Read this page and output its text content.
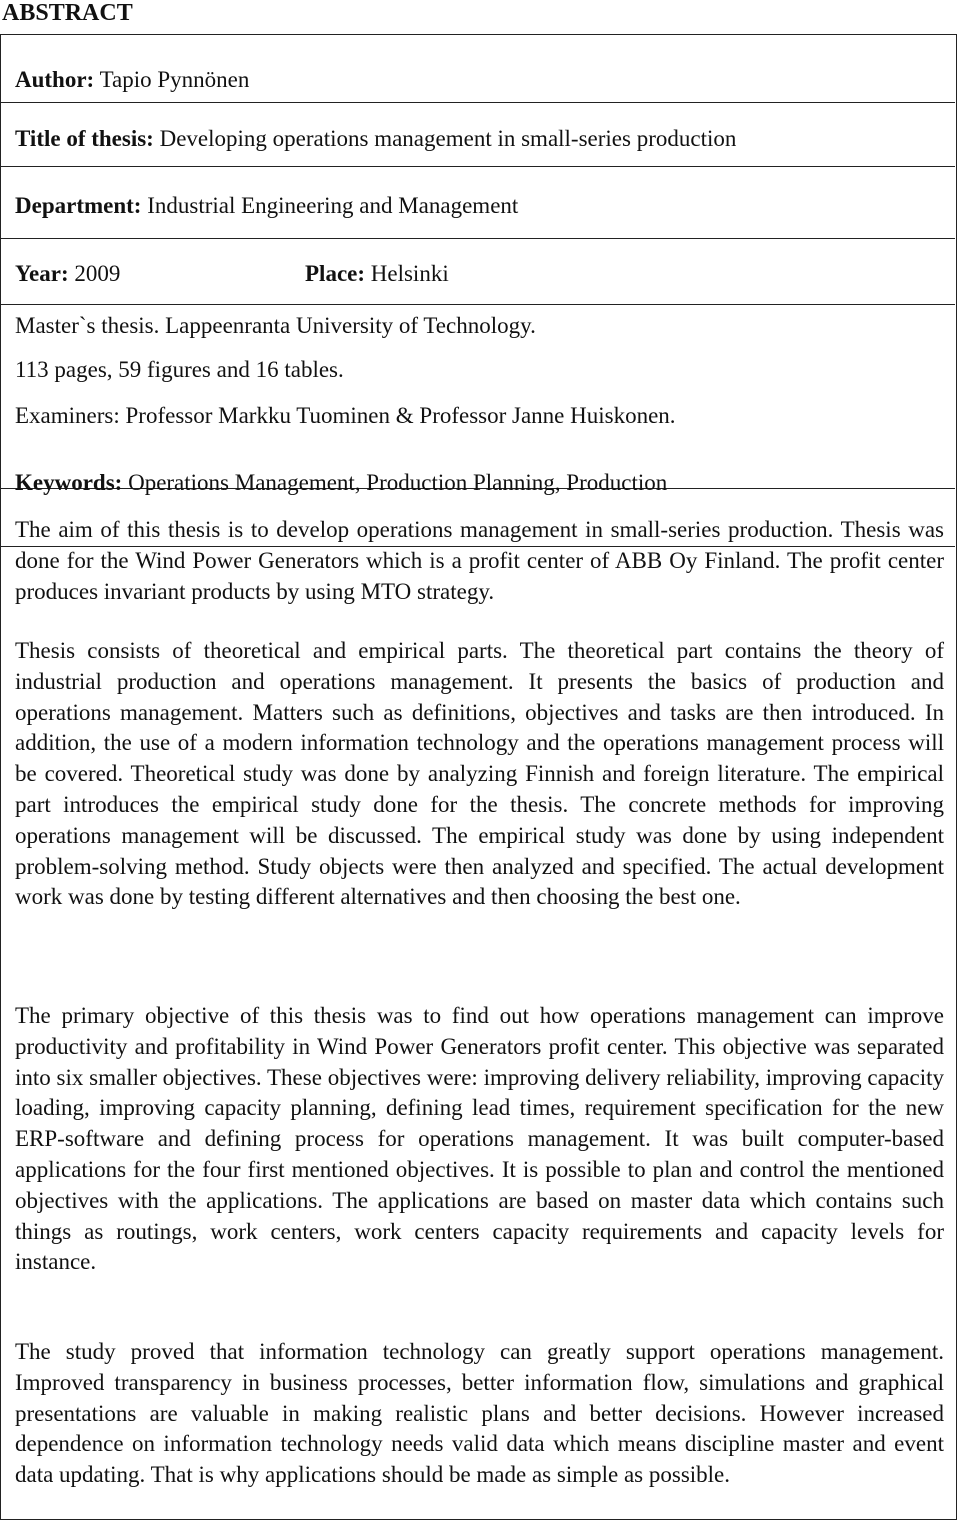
ABSTRACT
Author: Tapio Pynnönen
Title of thesis: Developing operations management in small-series production
Department: Industrial Engineering and Management
Year: 2009	Place: Helsinki
Master`s thesis. Lappeenranta University of Technology.
113 pages, 59 figures and 16 tables.
Examiners: Professor Markku Tuominen & Professor Janne Huiskonen.
Keywords: Operations Management, Production Planning, Production
The aim of this thesis is to develop operations management in small-series production. Thesis was done for the Wind Power Generators which is a profit center of ABB Oy Finland. The profit center produces invariant products by using MTO strategy.
Thesis consists of theoretical and empirical parts. The theoretical part contains the theory of industrial production and operations management. It presents the basics of production and operations management. Matters such as definitions, objectives and tasks are then introduced. In addition, the use of a modern information technology and the operations management process will be covered. Theoretical study was done by analyzing Finnish and foreign literature. The empirical part introduces the empirical study done for the thesis. The concrete methods for improving operations management will be discussed. The empirical study was done by using independent problem-solving method. Study objects were then analyzed and specified. The actual development work was done by testing different alternatives and then choosing the best one.
The primary objective of this thesis was to find out how operations management can improve productivity and profitability in Wind Power Generators profit center. This objective was separated into six smaller objectives. These objectives were: improving delivery reliability, improving capacity loading, improving capacity planning, defining lead times, requirement specification for the new ERP-software and defining process for operations management. It was built computer-based applications for the four first mentioned objectives. It is possible to plan and control the mentioned objectives with the applications. The applications are based on master data which contains such things as routings, work centers, work centers capacity requirements and capacity levels for instance.
The study proved that information technology can greatly support operations management. Improved transparency in business processes, better information flow, simulations and graphical presentations are valuable in making realistic plans and better decisions. However increased dependence on information technology needs valid data which means discipline master and event data updating. That is why applications should be made as simple as possible.
